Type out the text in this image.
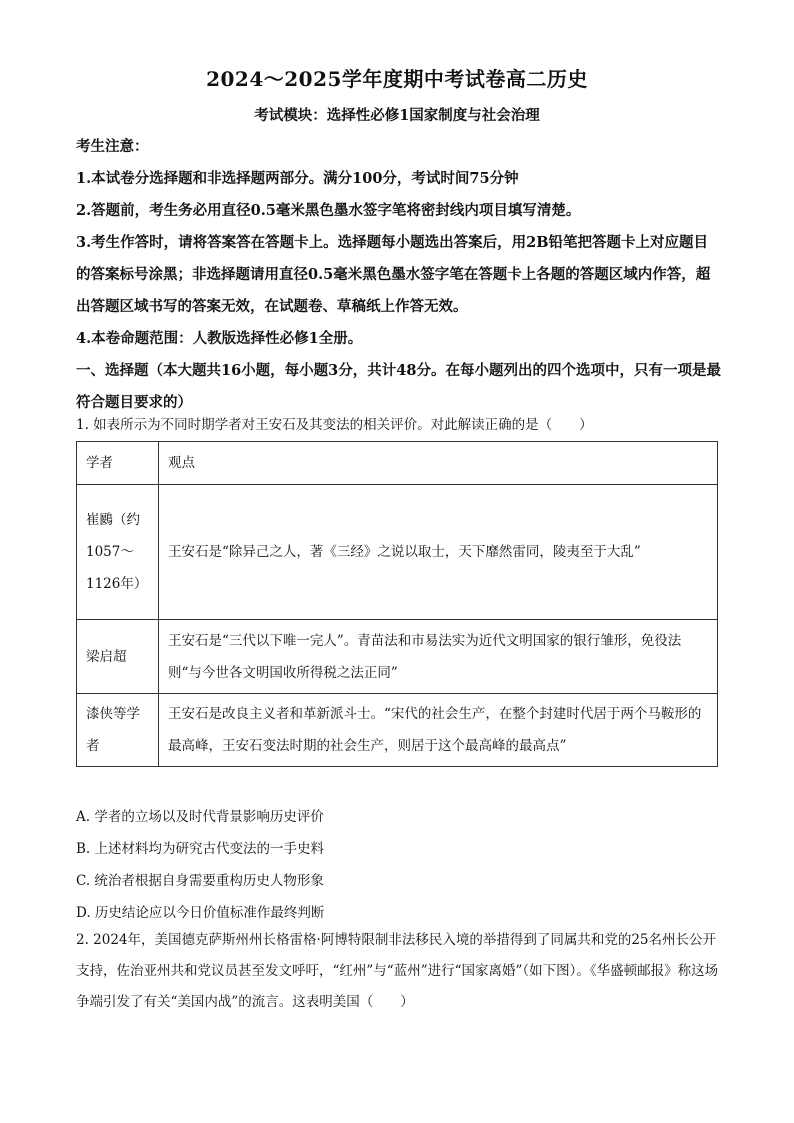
2024～2025学年度期中考试卷高二历史
考试模块：选择性必修1国家制度与社会治理

考生注意：

1.本试卷分选择题和非选择题两部分。满分100分，考试时间75分钟

2.答题前，考生务必用直径0.5毫米黑色墨水签字笔将密封线内项目填写清楚。

3.考生作答时，请将答案答在答题卡上。选择题每小题选出答案后，用2B铅笔把答题卡上对应题目的答案标号涂黑；非选择题请用直径0.5毫米黑色墨水签字笔在答题卡上各题的答题区域内作答，超出答题区域书写的答案无效，在试题卷、草稿纸上作答无效。

4.本卷命题范围：人教版选择性必修1全册。

一、选择题（本大题共16小题，每小题3分，共计48分。在每小题列出的四个选项中，只有一项是最符合题目要求的）

1. 如表所示为不同时期学者对王安石及其变法的相关评价。对此解读正确的是（　　）
学者	观点
崔鶠（约1057～1126年）	王安石是“除异己之人，著《三经》之说以取士，天下靡然雷同，陵夷至于大乱”
梁启超	王安石是“三代以下唯一完人”。青苗法和市易法实为近代文明国家的银行雏形，免役法则“与今世各文明国收所得税之法正同”
漆侠等学者	王安石是改良主义者和革新派斗士。“宋代的社会生产，在整个封建时代居于两个马鞍形的最高峰，王安石变法时期的社会生产，则居于这个最高峰的最高点”
A. 学者的立场以及时代背景影响历史评价
B. 上述材料均为研究古代变法的一手史料
C. 统治者根据自身需要重构历史人物形象
D. 历史结论应以今日价值标准作最终判断
2. 2024年，美国德克萨斯州州长格雷格·阿博特限制非法移民入境的举措得到了同属共和党的25名州长公开支持，佐治亚州共和党议员甚至发文呼吁，“红州”与“蓝州”进行“国家离婚”（如下图）。《华盛顿邮报》称这场争端引发了有关“美国内战”的流言。这表明美国（　　）
